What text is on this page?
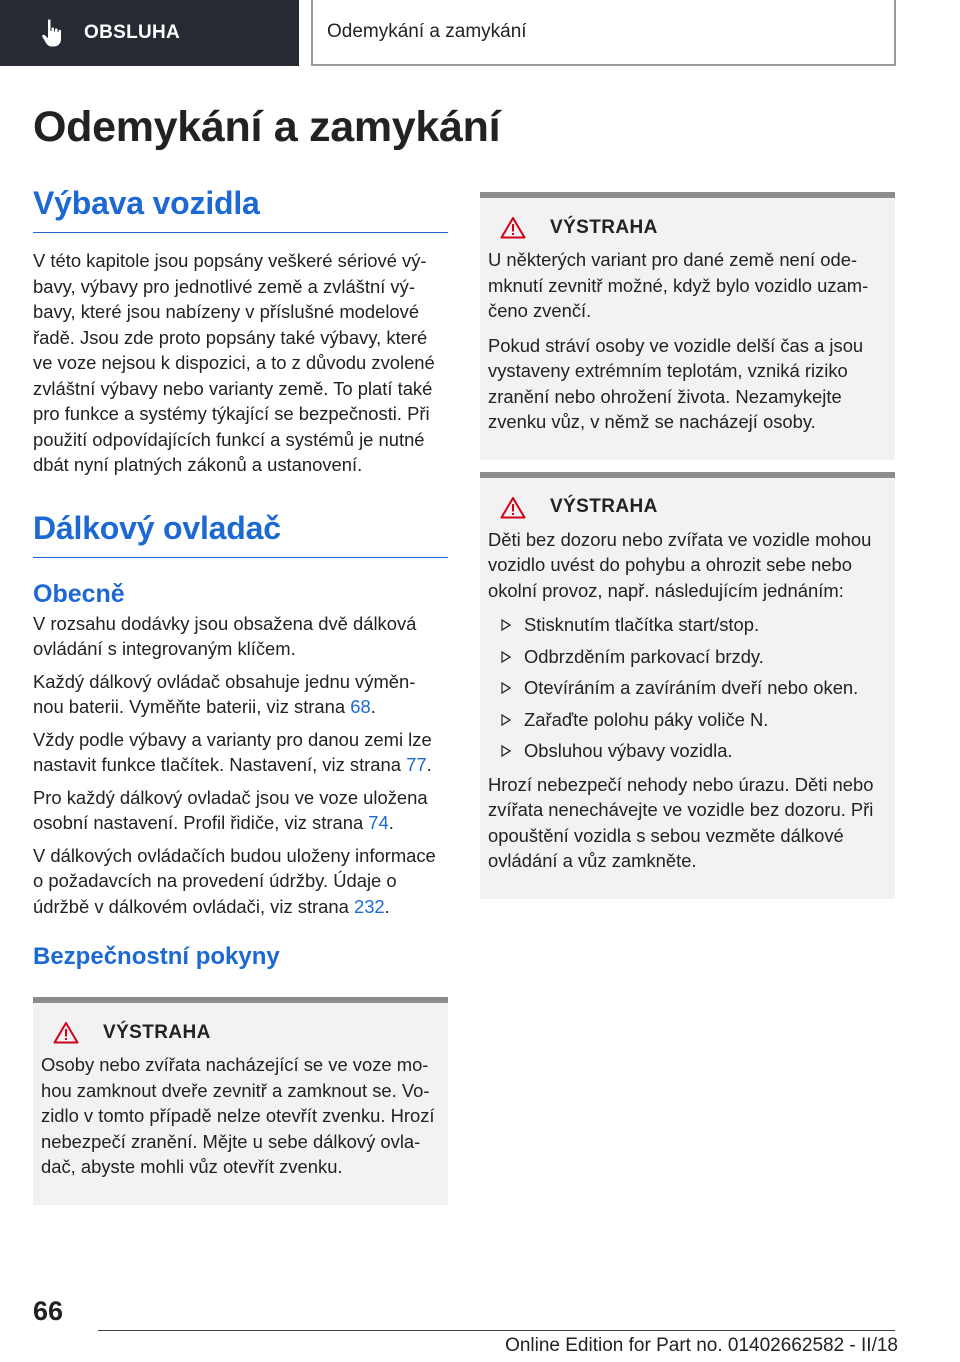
OBSLUHA	Odemykání a zamykání
Odemykání a zamykání
Výbava vozidla

V této kapitole jsou popsány veškeré sériové vý- bavy, výbavy pro jednotlivé země a zvláštní vý- bavy, které jsou nabízeny v příslušné modelové řadě. Jsou zde proto popsány také výbavy, které ve voze nejsou k dispozici, a to z důvodu zvolené zvláštní výbavy nebo varianty země. To platí také pro funkce a systémy týkající se bezpečnosti. Při použití odpovídajících funkcí a systémů je nutné dbát nyní platných zákonů a ustanovení.

Dálkový ovladač
Obecně

V rozsahu dodávky jsou obsažena dvě dálková ovládání s integrovaným klíčem.

Každý dálkový ovládač obsahuje jednu výměn- nou baterii. Vyměňte baterii, viz strana 68.

Vždy podle výbavy a varianty pro danou zemi lze nastavit funkce tlačítek. Nastavení, viz strana 77.

Pro každý dálkový ovladač jsou ve voze uložena osobní nastavení. Profil řidiče, viz strana 74.

V dálkových ovládačích budou uloženy informace o požadavcích na provedení údržby. Údaje o údržbě v dálkovém ovládači, viz strana 232.

Bezpečnostní pokyny
VÝSTRAHA

Osoby nebo zvířata nacházející se ve voze mo- hou zamknout dveře zevnitř a zamknout se. Vo- zidlo v tomto případě nelze otevřít zvenku. Hrozí nebezpečí zranění. Mějte u sebe dálkový ovla- dač, abyste mohli vůz otevřít zvenku.

VÝSTRAHA

U některých variant pro dané země není ode- mknutí zevnitř možné, když bylo vozidlo uzam- čeno zvenčí.

Pokud stráví osoby ve vozidle delší čas a jsou vystaveny extrémním teplotám, vzniká riziko zranění nebo ohrožení života. Nezamykejte zvenku vůz, v němž se nacházejí osoby.

VÝSTRAHA

Děti bez dozoru nebo zvířata ve vozidle mohou vozidlo uvést do pohybu a ohrozit sebe nebo okolní provoz, např. následujícím jednáním:

Stisknutím tlačítka start/stop.
Odbrzděním parkovací brzdy.
Otevíráním a zavíráním dveří nebo oken.
Zařaďte polohu páky voliče N.
Obsluhou výbavy vozidla.

Hrozí nebezpečí nehody nebo úrazu. Děti nebo zvířata nenechávejte ve vozidle bez dozoru. Při opouštění vozidla s sebou vezměte dálkové ovládání a vůz zamkněte.

66
Online Edition for Part no. 01402662582 - II/18
